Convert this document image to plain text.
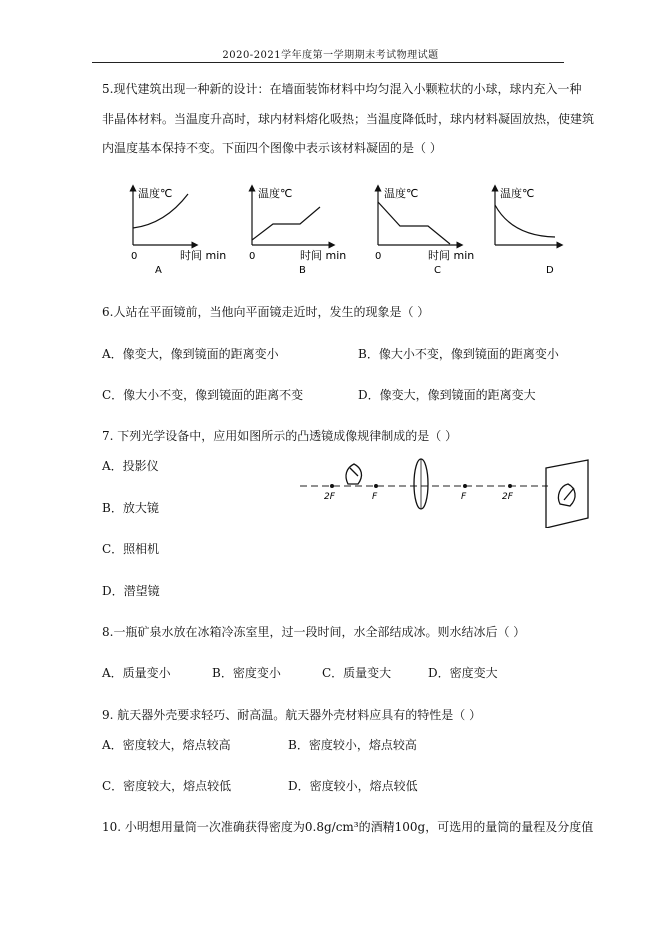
2020-2021学年度第一学期期末考试物理试题
5.现代建筑出现一种新的设计：在墙面装饰材料中均匀混入小颗粒状的小球，球内充入一种
非晶体材料。当温度升高时，球内材料熔化吸热；当温度降低时，球内材料凝固放热，使建筑
内温度基本保持不变。下面四个图像中表示该材料凝固的是（ ）
温度℃
时间 min
0
A
温度℃
时间 min
0
B
温度℃
时间 min
0
C
温度℃
D
6.人站在平面镜前，当他向平面镜走近时，发生的现象是（ ）
A．像变大，像到镜面的距离变小	B．像大小不变，像到镜面的距离变小
C．像大小不变，像到镜面的距离不变	D．像变大，像到镜面的距离变大
7. 下列光学设备中，应用如图所示的凸透镜成像规律制成的是（ ）
A．投影仪
B．放大镜
C．照相机
D．潜望镜
2F	F	F	2F
8.一瓶矿泉水放在冰箱冷冻室里，过一段时间，水全部结成冰。则水结冰后（ ）
A．质量变小	B．密度变小	C．质量变大	D．密度变大
9. 航天器外壳要求轻巧、耐高温。航天器外壳材料应具有的特性是（ ）
A．密度较大，熔点较高	B．密度较小，熔点较高
C．密度较大，熔点较低	D．密度较小，熔点较低
10. 小明想用量筒一次准确获得密度为0.8g/cm³的酒精100g，可选用的量筒的量程及分度值
